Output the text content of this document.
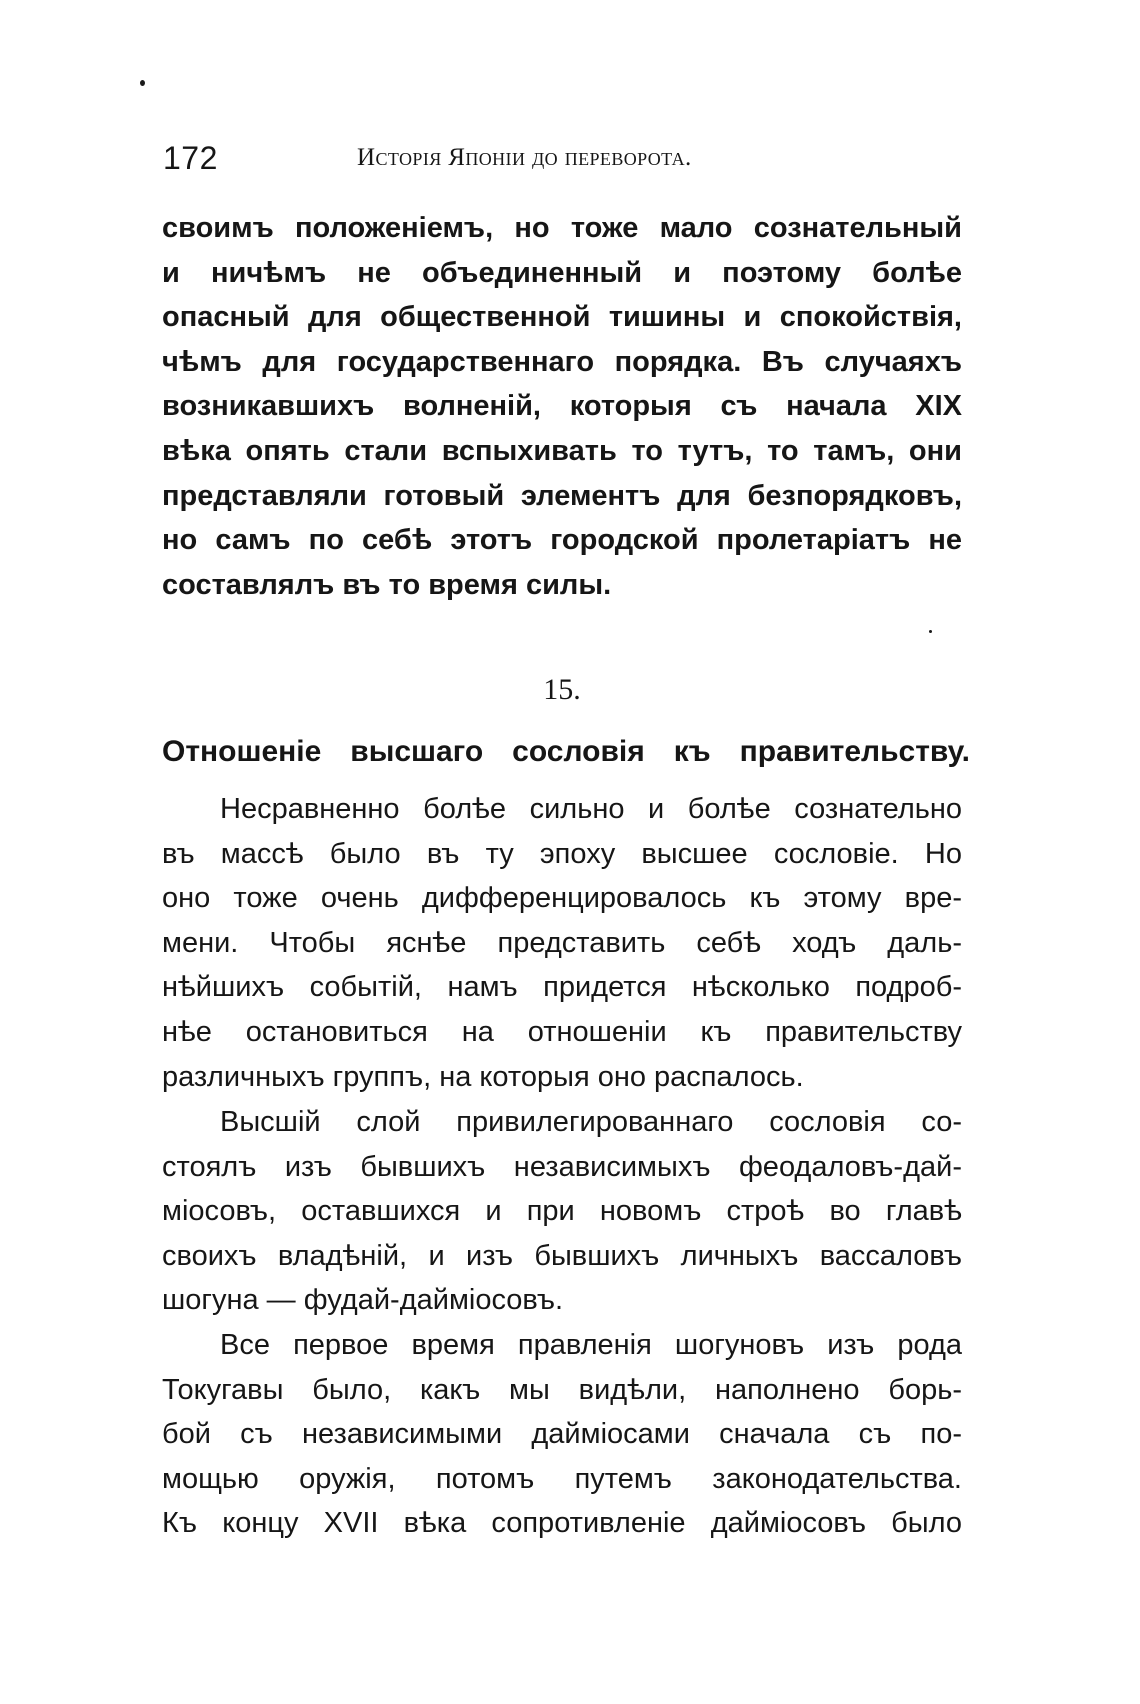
172	Исторія Японіи до переворота.
своимъ положеніемъ, но тоже мало сознательный
и ничѣмъ не объединенный и поэтому болѣе
опасный для общественной тишины и спокойствія,
чѣмъ для государственнаго порядка. Въ случаяхъ
возникавшихъ волненій, которыя съ начала XIX
вѣка опять стали вспыхивать то тутъ, то тамъ, они
представляли готовый элементъ для безпорядковъ,
но самъ по себѣ этотъ городской пролетаріатъ не
составлялъ въ то время силы.
15.
Отношеніе высшаго сословія къ правительству.
Несравненно болѣе сильно и болѣе сознательно
въ массѣ было въ ту эпоху высшее сословіе. Но
оно тоже очень дифференцировалось къ этому вре-
мени. Чтобы яснѣе представить себѣ ходъ даль-
нѣйшихъ событій, намъ придется нѣсколько подроб-
нѣе остановиться на отношеніи къ правительству
различныхъ группъ, на которыя оно распалось.
Высшій слой привилегированнаго сословія со-
стоялъ изъ бывшихъ независимыхъ феодаловъ-дай-
міосовъ, оставшихся и при новомъ строѣ во главѣ
своихъ владѣній, и изъ бывшихъ личныхъ вассаловъ
шогуна — фудай-даймiосовъ.
Все первое время правленія шогуновъ изъ рода
Токугавы было, какъ мы видѣли, наполнено борь-
бой съ независимыми даймiосами сначала съ по-
мощью оружія, потомъ путемъ законодательства.
Къ концу XVII вѣка сопротивленіе даймiосовъ было
